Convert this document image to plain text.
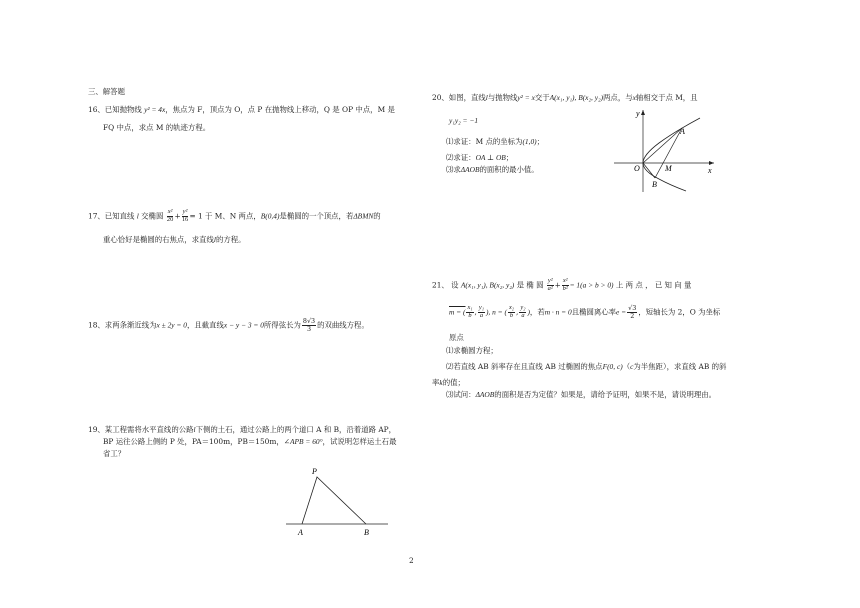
三、解答题
16、已知抛物线 y² = 4x，焦点为 F，顶点为 O，点 P 在抛物线上移动，Q 是 OP 中点，M 是
FQ 中点，求点 M 的轨迹方程。
17、已知直线 l 交椭圆 $\frac{\text{x²}}{20} + \frac{\text{y²}}{16} = 1$ 于 M、N 两点，B(0,4)是椭圆的一个顶点，若ΔBMN的
重心恰好是椭圆的右焦点，求直线l的方程。
18、求两条渐近线为x ± 2y = 0，且截直线x − y − 3 = 0所得弦长为 $\frac{8√3}{3}$ 的双曲线方程。
19、某工程需将水平直线的公路l下侧的土石，通过公路上的两个道口 A 和 B，沿着道路 AP，
BP 运往公路上侧的 P 处，PA＝100m，PB＝150m，∠APB = 60°，试说明怎样运土石最
省工？
P
A	B
20、如图，直线l与抛物线y² = x交于A(x₁, y₁), B(x₂, y₂)两点，与x轴相交于点 M，且
y₁y₂ = −1
⑴求证：M 点的坐标为(1,0)；
⑵求证：OA ⊥ OB；
⑶求ΔAOB的面积的最小值。
y
x
O
A
B
M
21、 设 A(x₁, y₁), B(x₂, y₂) 是 椭 圆 $\frac{\text{y²}}{\text{a²}} + \frac{\text{x²}}{\text{b²}} = 1(a > b > 0)$ 上 两 点 ， 已 知 向 量
m = ( $\frac{\text{x₁}}{b}$ , $\frac{\text{y₁}}{a}$ ), n = ( $\frac{\text{x₂}}{b}$ , $\frac{\text{y₂}}{a}$ )，若m · n = 0且椭圆离心率$e = \frac{√3}{2}$ ，短轴长为 2，O 为坐标
原点
⑴求椭圆方程；
⑵若直线 AB 斜率存在且直线 AB 过椭圆的焦点F(0, c)（c为半焦距），求直线 AB 的斜
率k的值；
⑶试问：ΔAOB的面积是否为定值？如果是，请给予证明，如果不是，请说明理由。
2
